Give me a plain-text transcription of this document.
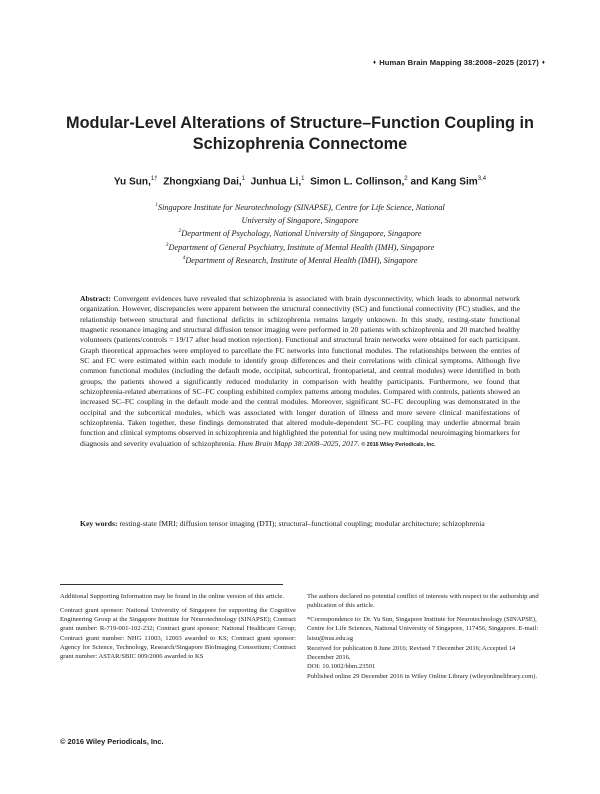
♦ Human Brain Mapping 38:2008–2025 (2017) ♦
Modular-Level Alterations of Structure–Function Coupling in Schizophrenia Connectome
Yu Sun,$^{1\dagger}$ Zhongxiang Dai,$^1$ Junhua Li,$^1$ Simon L. Collinson,$^2$ and Kang Sim$^{3,4}$
$^1$Singapore Institute for Neurotechnology (SINAPSE), Centre for Life Science, National
University of Singapore, Singapore
$^2$Department of Psychology, National University of Singapore, Singapore
$^3$Department of General Psychiatry, Institute of Mental Health (IMH), Singapore
$^4$Department of Research, Institute of Mental Health (IMH), Singapore
Abstract: Convergent evidences have revealed that schizophrenia is associated with brain dysconnectivity, which leads to abnormal network organization. However, discrepancies were apparent between the structural connectivity (SC) and functional connectivity (FC) studies, and the relationship between structural and functional deficits in schizophrenia remains largely unknown. In this study, resting-state functional magnetic resonance imaging and structural diffusion tensor imaging were performed in 20 patients with schizophrenia and 20 matched healthy volunteers (patients/controls = 19/17 after head motion rejection). Functional and structural brain networks were obtained for each participant. Graph theoretical approaches were employed to parcellate the FC networks into functional modules. The relationships between the entries of SC and FC were estimated within each module to identify group differences and their correlations with clinical symptoms. Although five common functional modules (including the default mode, occipital, subcortical, frontoparietal, and central modules) were identified in both groups, the patients showed a significantly reduced modularity in comparison with healthy participants. Furthermore, we found that schizophrenia-related aberrations of SC–FC coupling exhibited complex patterns among modules. Compared with controls, patients showed an increased SC–FC coupling in the default mode and the central modules. Moreover, significant SC–FC decoupling was demonstrated in the occipital and the subcortical modules, which was associated with longer duration of illness and more severe clinical manifestations of schizophrenia. Taken together, these findings demonstrated that altered module-dependent SC–FC coupling may underlie abnormal brain function and clinical symptoms observed in schizophrenia and highlighted the potential for using new multimodal neuroimaging biomarkers for diagnosis and severity evaluation of schizophrenia. Hum Brain Mapp 38:2008–2025, 2017. © 2016 Wiley Periodicals, Inc.
Key words: resting-state fMRI; diffusion tensor imaging (DTI); structural–functional coupling; modular architecture; schizophrenia

Additional Supporting Information may be found in the online version of this article.

Contract grant sponsor: National University of Singapore for supporting the Cognitive Engineering Group at the Singapore Institute for Neurotechnology (SINAPSE); Contract grant number: R-719-001-102-232; Contract grant sponsor: National Healthcare Group; Contract grant number: NHG 11003, 12003 awarded to KS; Contract grant sponsor: Agency for Science, Technology, Research/Singapore BioImaging Consortium; Contract grant number: ASTAR/SBIC 009/2006 awarded to KS

The authors declared no potential conflict of interests with respect to the authorship and publication of this article.

*Correspondence to: Dr. Yu Sun, Singapore Institute for Neurotechnology (SINAPSE), Centre for Life Sciences, National University of Singapore, 117456, Singapore. E-mail: lsisu@nus.edu.sg

Received for publication 8 June 2016; Revised 7 December 2016; Accepted 14 December 2016.

DOI: 10.1002/hbm.23501

Published online 29 December 2016 in Wiley Online Library (wileyonlinelibrary.com).

© 2016 Wiley Periodicals, Inc.
